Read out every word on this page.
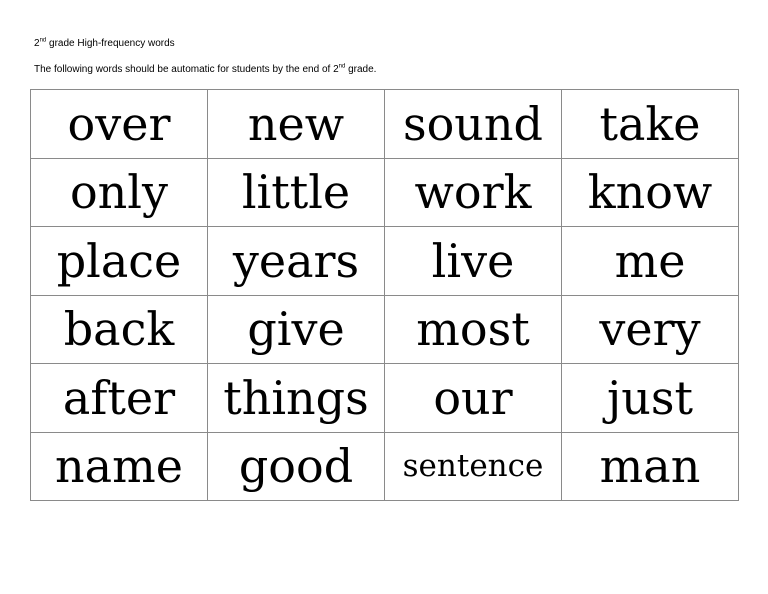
2nd grade High-frequency words
The following words should be automatic for students by the end of 2nd grade.
over	new	sound	take
only	little	work	know
place	years	live	me
back	give	most	very
after	things	our	just
name	good	sentence	man
